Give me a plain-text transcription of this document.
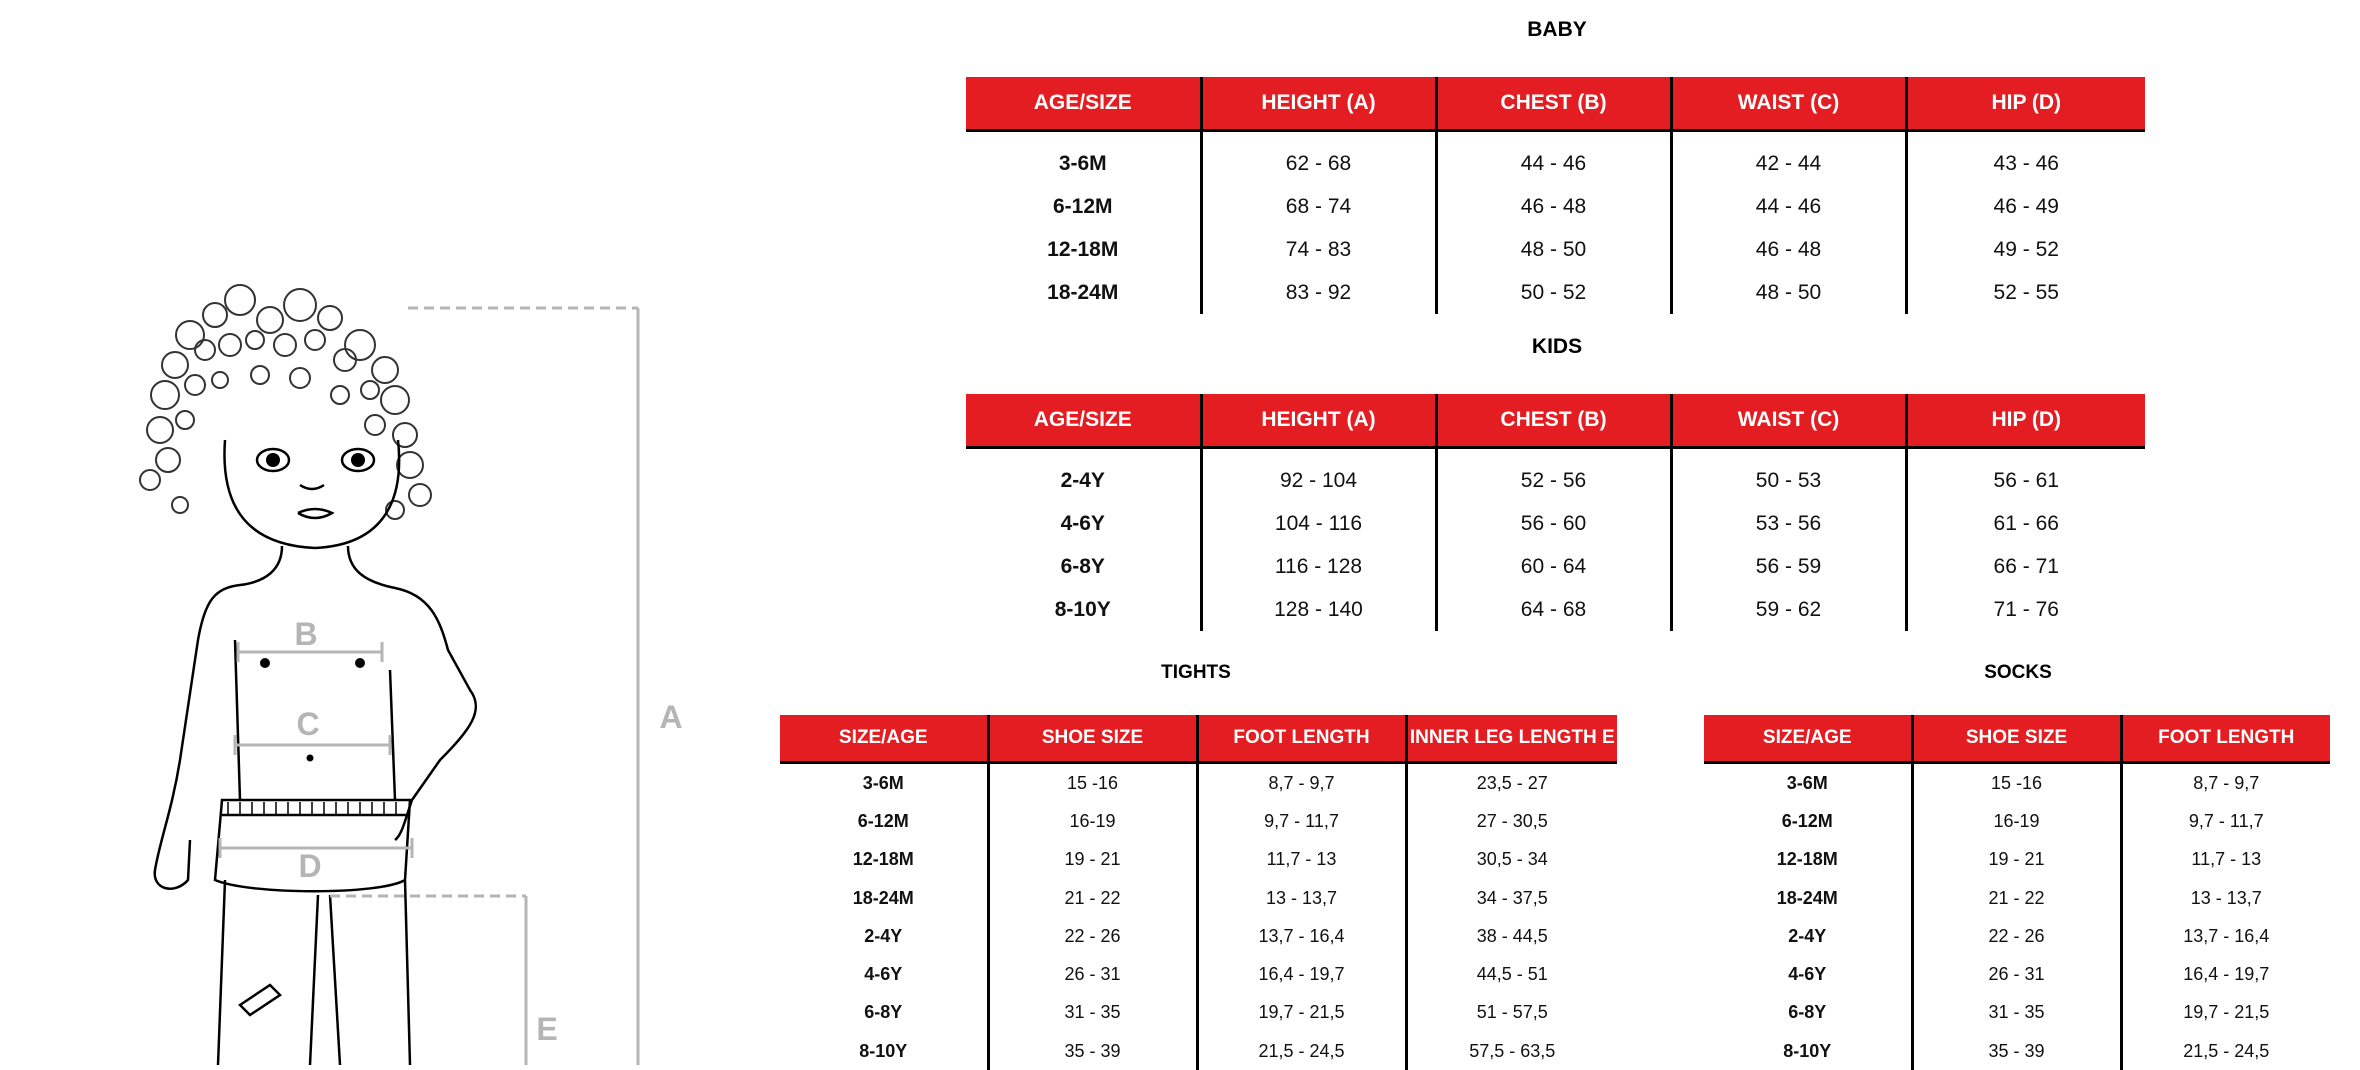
B
C
D
A
E
BABY
AGE/SIZE	HEIGHT (A)	CHEST (B)	WAIST (C)	HIP (D)
3-6M	62 - 68	44 - 46	42 - 44	43 - 46
6-12M	68 - 74	46 - 48	44 - 46	46 - 49
12-18M	74 - 83	48 - 50	46 - 48	49 - 52
18-24M	83 - 92	50 - 52	48 - 50	52 - 55
KIDS
AGE/SIZE	HEIGHT (A)	CHEST (B)	WAIST (C)	HIP (D)
2-4Y	92 - 104	52 - 56	50 - 53	56 - 61
4-6Y	104 - 116	56 - 60	53 - 56	61 - 66
6-8Y	116 - 128	60 - 64	56 - 59	66 - 71
8-10Y	128 - 140	64 - 68	59 - 62	71 - 76
TIGHTS
SIZE/AGE	SHOE SIZE	FOOT LENGTH	INNER LEG LENGTH E
3-6M	15 -16	8,7 - 9,7	23,5 - 27
6-12M	16-19	9,7 - 11,7	27 - 30,5
12-18M	19 - 21	11,7 - 13	30,5 - 34
18-24M	21 - 22	13 - 13,7	34 - 37,5
2-4Y	22 - 26	13,7 - 16,4	38 - 44,5
4-6Y	26 - 31	16,4 - 19,7	44,5 - 51
6-8Y	31 - 35	19,7 - 21,5	51 - 57,5
8-10Y	35 - 39	21,5 - 24,5	57,5 - 63,5
SOCKS
SIZE/AGE	SHOE SIZE	FOOT LENGTH
3-6M	15 -16	8,7 - 9,7
6-12M	16-19	9,7 - 11,7
12-18M	19 - 21	11,7 - 13
18-24M	21 - 22	13 - 13,7
2-4Y	22 - 26	13,7 - 16,4
4-6Y	26 - 31	16,4 - 19,7
6-8Y	31 - 35	19,7 - 21,5
8-10Y	35 - 39	21,5 - 24,5
